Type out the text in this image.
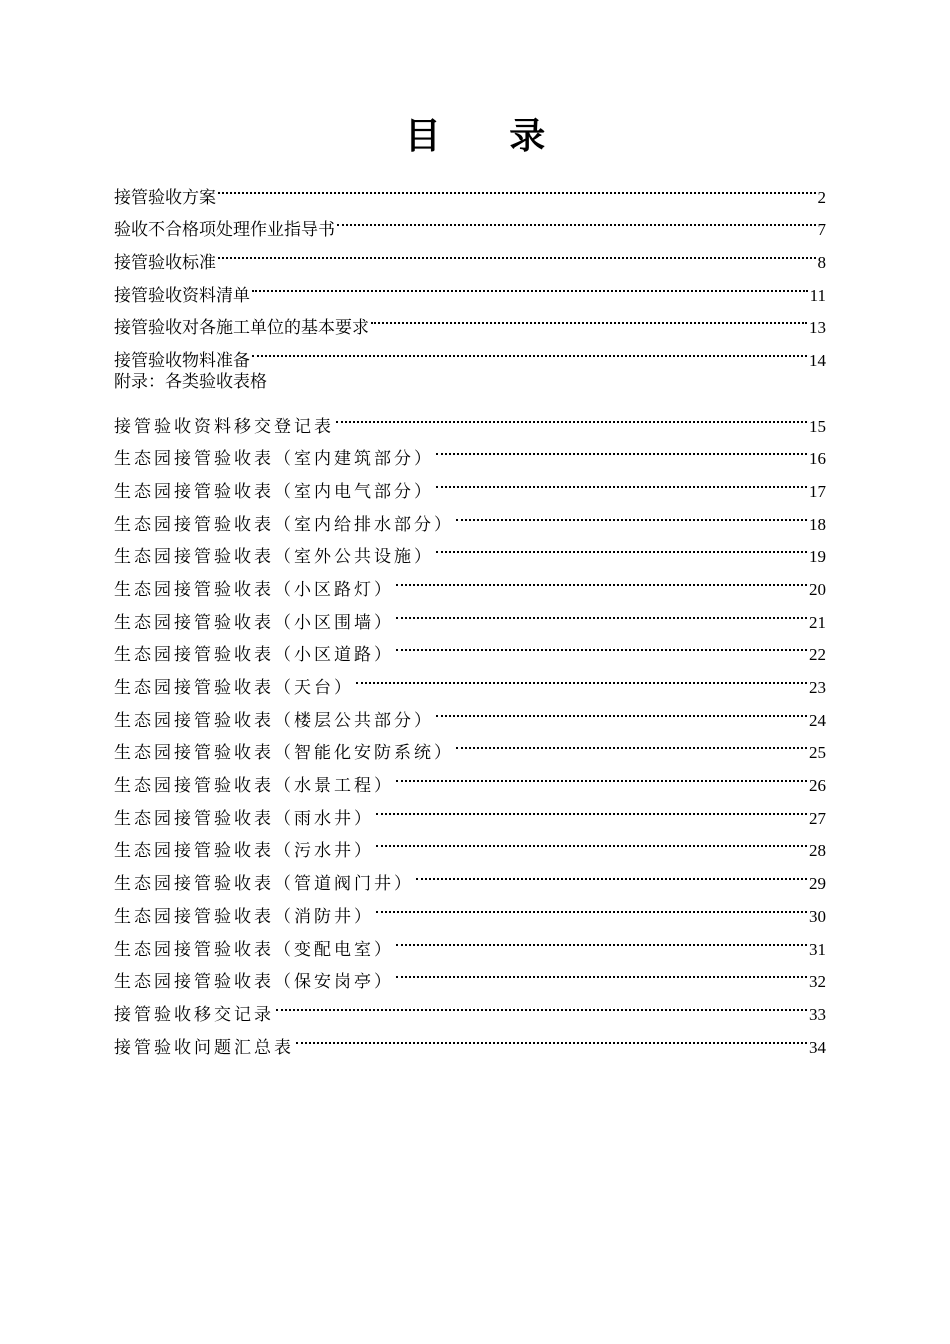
目 录
接管验收方案	2
验收不合格项处理作业指导书	7
接管验收标准	8
接管验收资料清单	11
接管验收对各施工单位的基本要求	13
接管验收物料准备	14
附录：各类验收表格
接管验收资料移交登记表	15
生态园接管验收表（室内建筑部分）	16
生态园接管验收表（室内电气部分）	17
生态园接管验收表（室内给排水部分）	18
生态园接管验收表（室外公共设施）	19
生态园接管验收表（小区路灯）	20
生态园接管验收表（小区围墙）	21
生态园接管验收表（小区道路）	22
生态园接管验收表（天台）	23
生态园接管验收表（楼层公共部分）	24
生态园接管验收表（智能化安防系统）	25
生态园接管验收表（水景工程）	26
生态园接管验收表（雨水井）	27
生态园接管验收表（污水井）	28
生态园接管验收表（管道阀门井）	29
生态园接管验收表（消防井）	30
生态园接管验收表（变配电室）	31
生态园接管验收表（保安岗亭）	32
接管验收移交记录	33
接管验收问题汇总表	34
